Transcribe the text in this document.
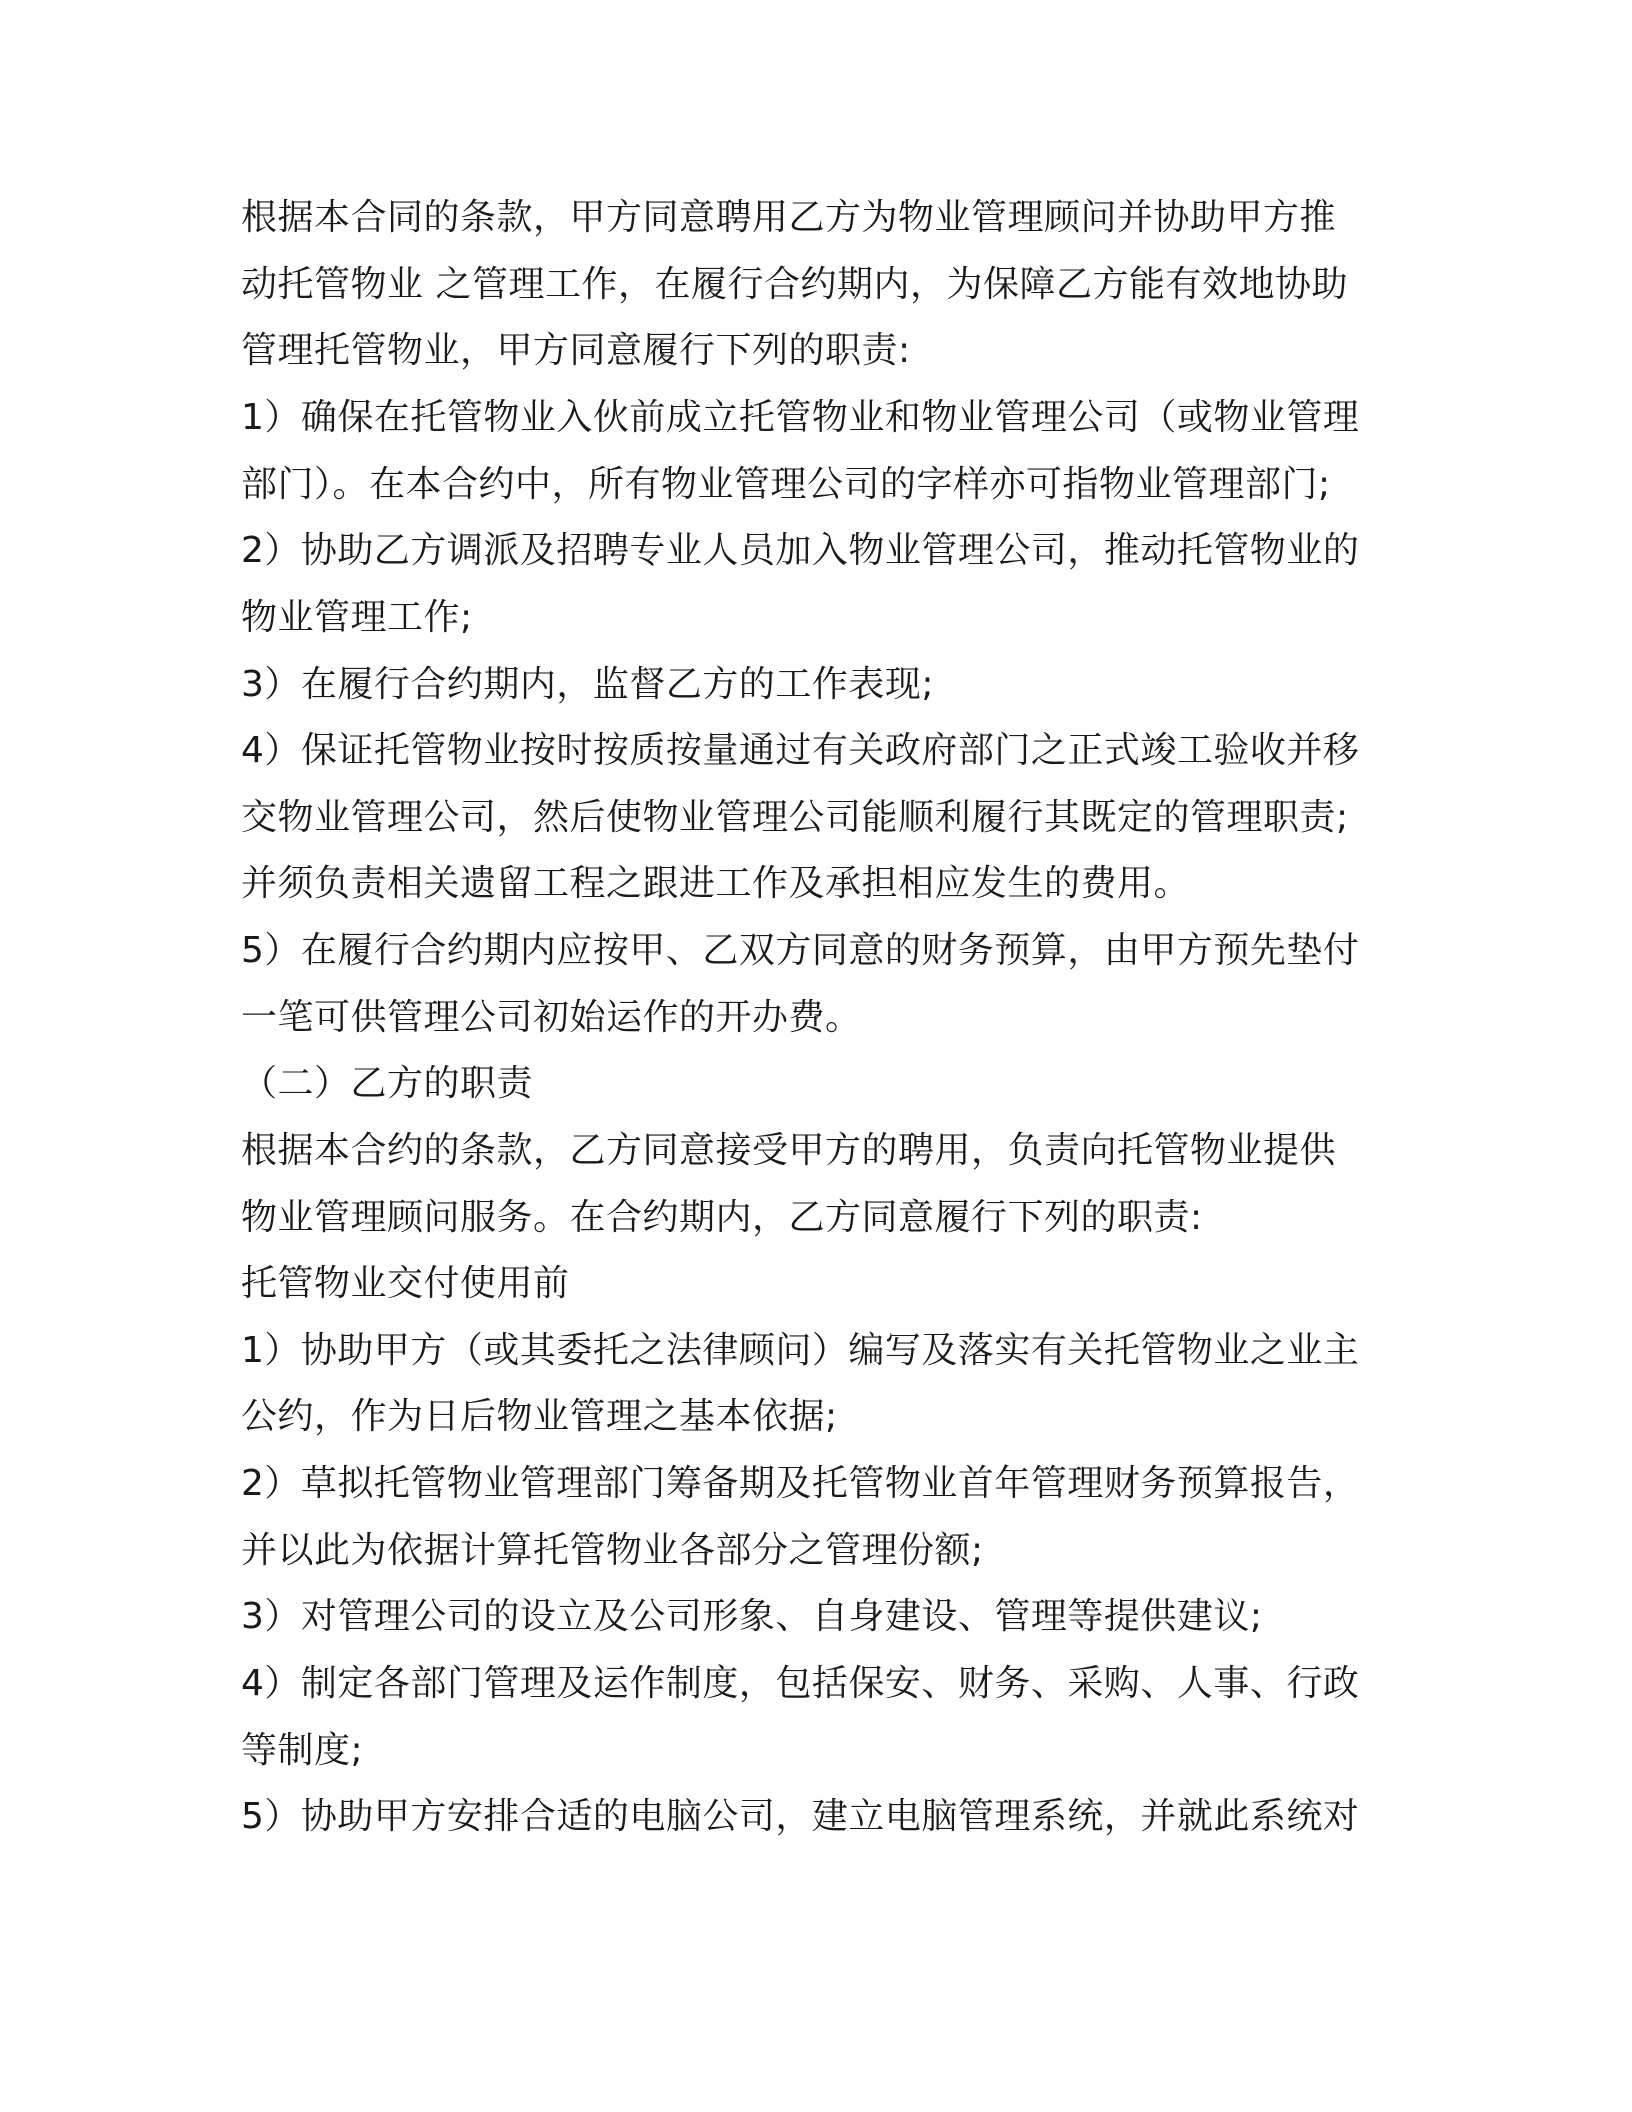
根据本合同的条款，甲方同意聘用乙方为物业管理顾问并协助甲方推
动托管物业 之管理工作，在履行合约期内，为保障乙方能有效地协助
管理托管物业，甲方同意履行下列的职责:
1）确保在托管物业入伙前成立托管物业和物业管理公司（或物业管理
部门）。在本合约中，所有物业管理公司的字样亦可指物业管理部门;
2）协助乙方调派及招聘专业人员加入物业管理公司，推动托管物业的
物业管理工作;
3）在履行合约期内，监督乙方的工作表现;
4）保证托管物业按时按质按量通过有关政府部门之正式竣工验收并移
交物业管理公司，然后使物业管理公司能顺利履行其既定的管理职责;
并须负责相关遗留工程之跟进工作及承担相应发生的费用。
5）在履行合约期内应按甲、乙双方同意的财务预算，由甲方预先垫付
一笔可供管理公司初始运作的开办费。
（二）乙方的职责
根据本合约的条款，乙方同意接受甲方的聘用，负责向托管物业提供
物业管理顾问服务。在合约期内，乙方同意履行下列的职责:
托管物业交付使用前
1）协助甲方（或其委托之法律顾问）编写及落实有关托管物业之业主
公约，作为日后物业管理之基本依据;
2）草拟托管物业管理部门筹备期及托管物业首年管理财务预算报告，
并以此为依据计算托管物业各部分之管理份额;
3）对管理公司的设立及公司形象、自身建设、管理等提供建议;
4）制定各部门管理及运作制度，包括保安、财务、采购、人事、行政
等制度;
5）协助甲方安排合适的电脑公司，建立电脑管理系统，并就此系统对
